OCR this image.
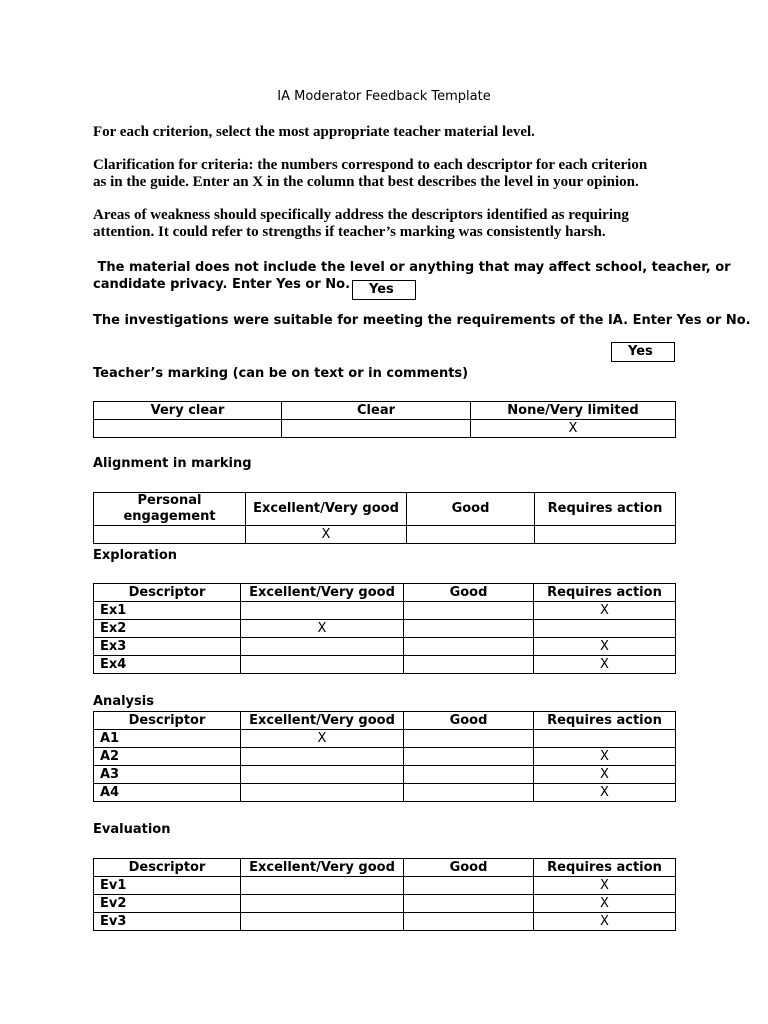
IA Moderator Feedback Template
For each criterion, select the most appropriate teacher material level.
Clarification for criteria: the numbers correspond to each descriptor for each criterion
as in the guide. Enter an X in the column that best describes the level in your opinion.
Areas of weakness should specifically address the descriptors identified as requiring
attention. It could refer to strengths if teacher’s marking was consistently harsh.
The material does not include the level or anything that may affect school, teacher, or
candidate privacy. Enter Yes or No.	Yes
The investigations were suitable for meeting the requirements of the IA. Enter Yes or No.
Yes
Teacher’s marking (can be on text or in comments)
Very clear	Clear	None/Very limited
		X
Alignment in marking
Personal engagement	Excellent/Very good	Good	Requires action
	X		
Exploration
Descriptor	Excellent/Very good	Good	Requires action
Ex1			X
Ex2	X		
Ex3			X
Ex4			X
Analysis
Descriptor	Excellent/Very good	Good	Requires action
A1	X		
A2			X
A3			X
A4			X
Evaluation
Descriptor	Excellent/Very good	Good	Requires action
Ev1			X
Ev2			X
Ev3			X
